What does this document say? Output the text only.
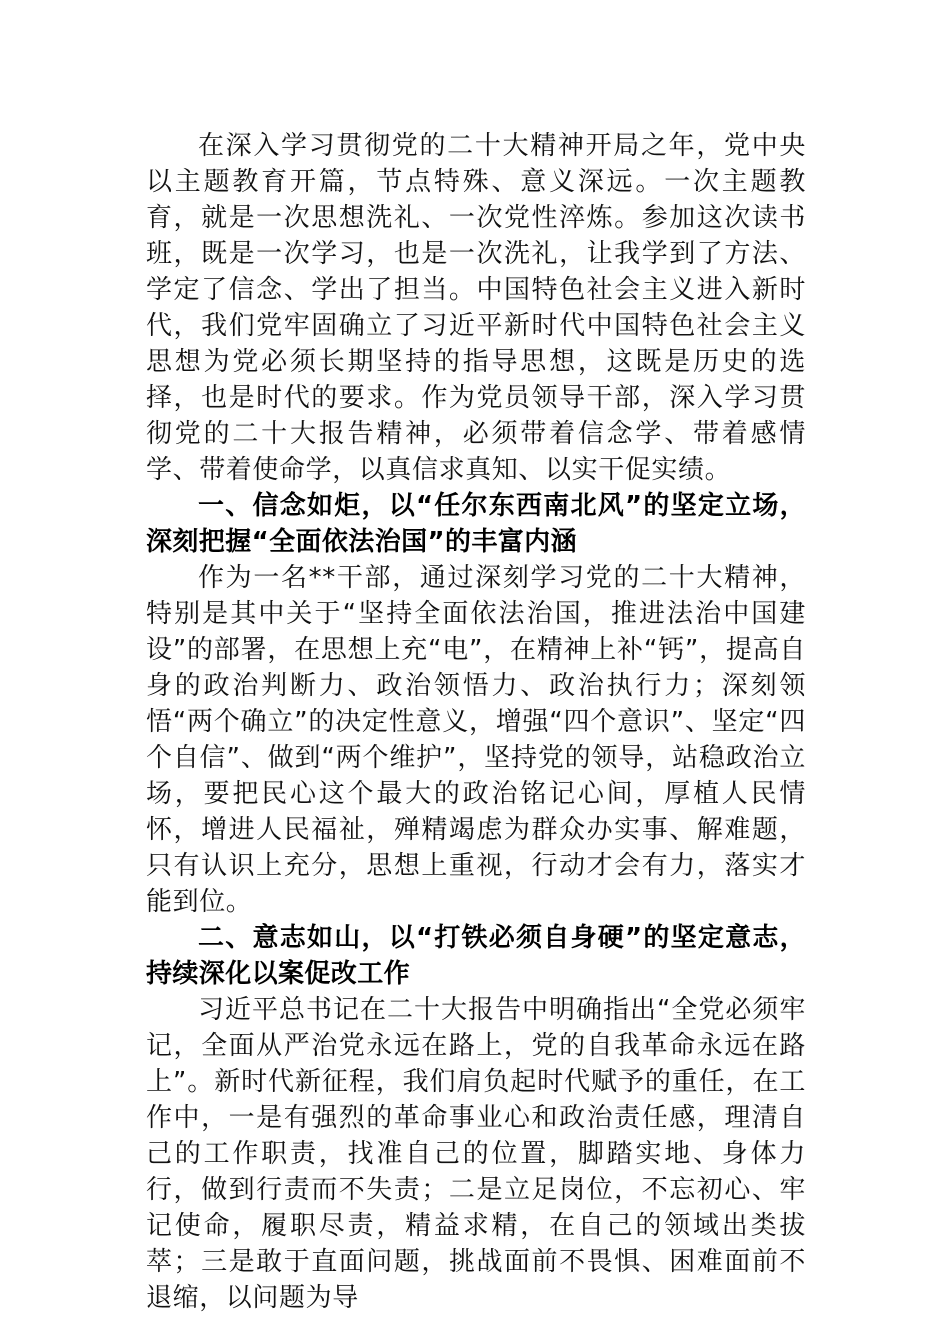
在深入学习贯彻党的二十大精神开局之年，党中央以主题教育开篇，节点特殊、意义深远。一次主题教育，就是一次思想洗礼、一次党性淬炼。参加这次读书班，既是一次学习，也是一次洗礼，让我学到了方法、学定了信念、学出了担当。中国特色社会主义进入新时代，我们党牢固确立了习近平新时代中国特色社会主义思想为党必须长期坚持的指导思想，这既是历史的选择，也是时代的要求。作为党员领导干部，深入学习贯彻党的二十大报告精神，必须带着信念学、带着感情学、带着使命学，以真信求真知、以实干促实绩。

一、信念如炬，以“任尔东西南北风”的坚定立场，深刻把握“全面依法治国”的丰富内涵

作为一名**干部，通过深刻学习党的二十大精神，特别是其中关于“坚持全面依法治国，推进法治中国建设”的部署，在思想上充“电”，在精神上补“钙”，提高自身的政治判断力、政治领悟力、政治执行力；深刻领悟“两个确立”的决定性意义，增强“四个意识”、坚定“四个自信”、做到“两个维护”，坚持党的领导，站稳政治立场，要把民心这个最大的政治铭记心间，厚植人民情怀，增进人民福祉，殚精竭虑为群众办实事、解难题，只有认识上充分，思想上重视，行动才会有力，落实才能到位。

二、意志如山，以“打铁必须自身硬”的坚定意志，持续深化以案促改工作

习近平总书记在二十大报告中明确指出“全党必须牢记，全面从严治党永远在路上，党的自我革命永远在路上”。新时代新征程，我们肩负起时代赋予的重任，在工作中，一是有强烈的革命事业心和政治责任感，理清自己的工作职责，找准自己的位置，脚踏实地、身体力行，做到行责而不失责；二是立足岗位，不忘初心、牢记使命，履职尽责，精益求精，在自己的领域出类拔萃；三是敢于直面问题，挑战面前不畏惧、困难面前不退缩，以问题为导
